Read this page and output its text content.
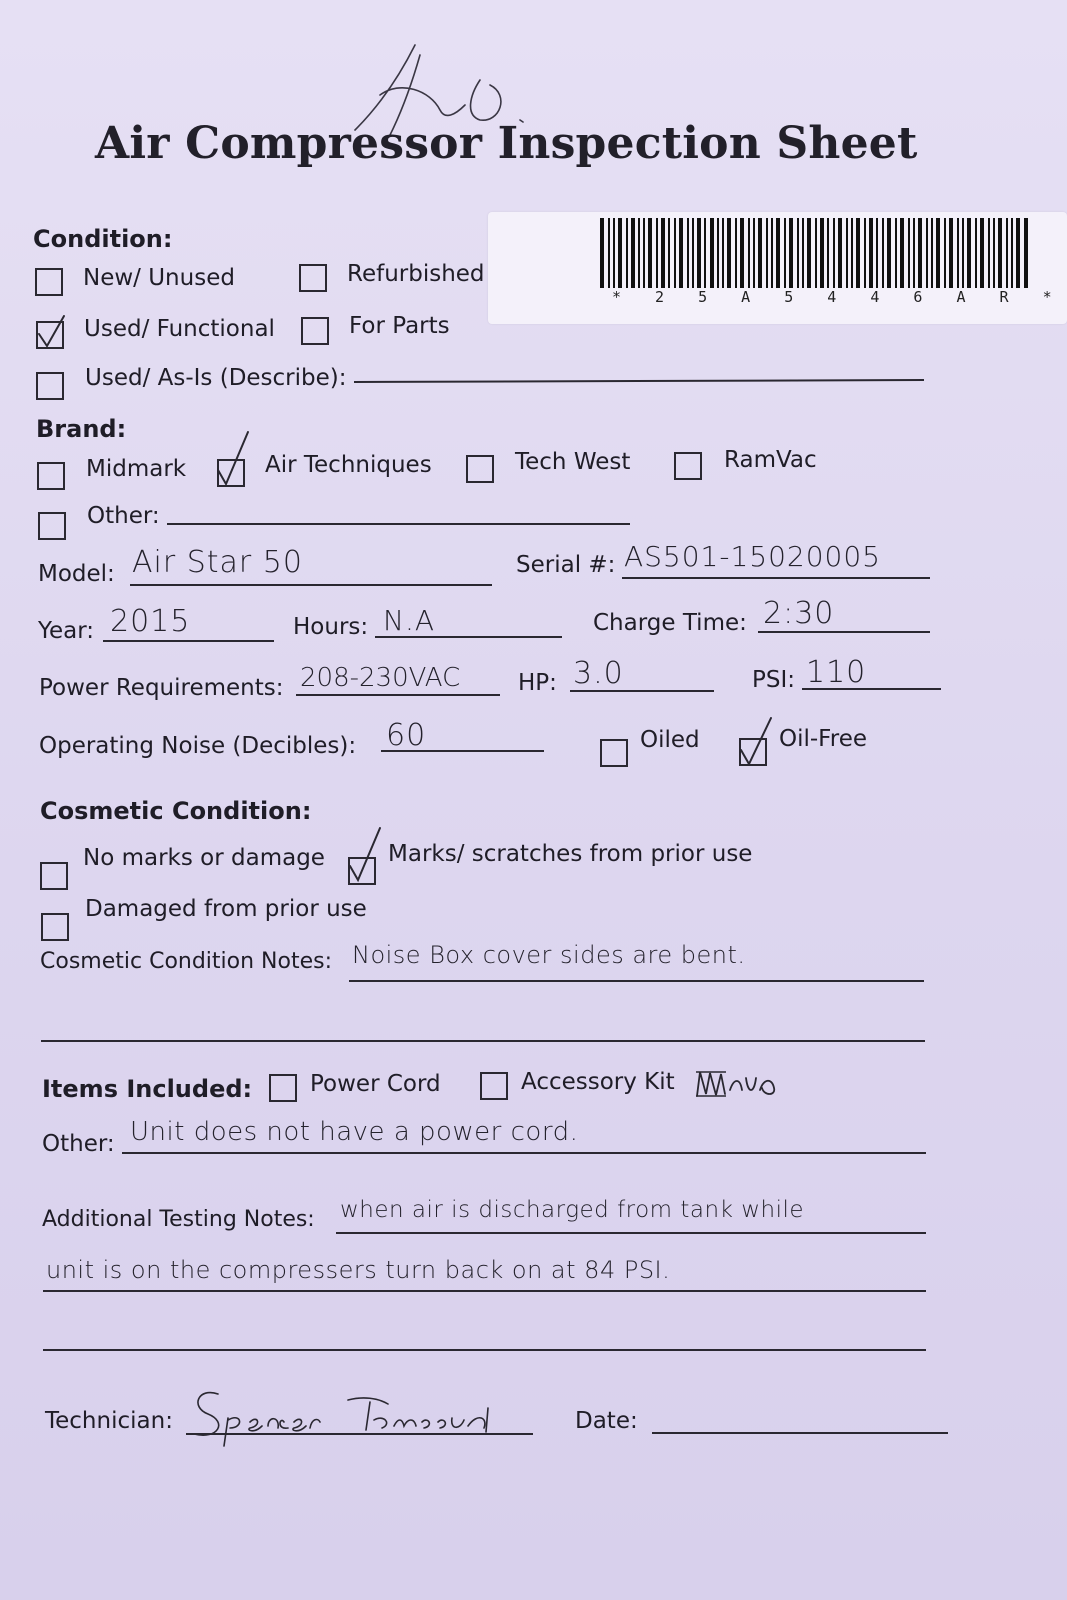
Air Compressor Inspection Sheet
* 2 5 A 5 4 4 6 A R *
Condition:
New/ Unused	Refurbished
Used/ Functional	For Parts
Used/ As-Is (Describe):
Brand:
Midmark	Air Techniques	Tech West	RamVac
Other:
Model: Air Star 50	Serial #: AS501-15020005
Year: 2015	Hours: N.A	Charge Time: 2:30
Power Requirements: 208-230VAC	HP: 3.0	PSI: 110
Operating Noise (Decibles): 60	Oiled	Oil-Free
Cosmetic Condition:
No marks or damage	Marks/ scratches from prior use
Damaged from prior use
Cosmetic Condition Notes: Noise Box cover sides are bent.
Items Included:	Power Cord	Accessory Kit
Other: Unit does not have a power cord.
Additional Testing Notes: when air is discharged from tank while
unit is on the compressers turn back on at 84 PSI.
Technician:	Date:
